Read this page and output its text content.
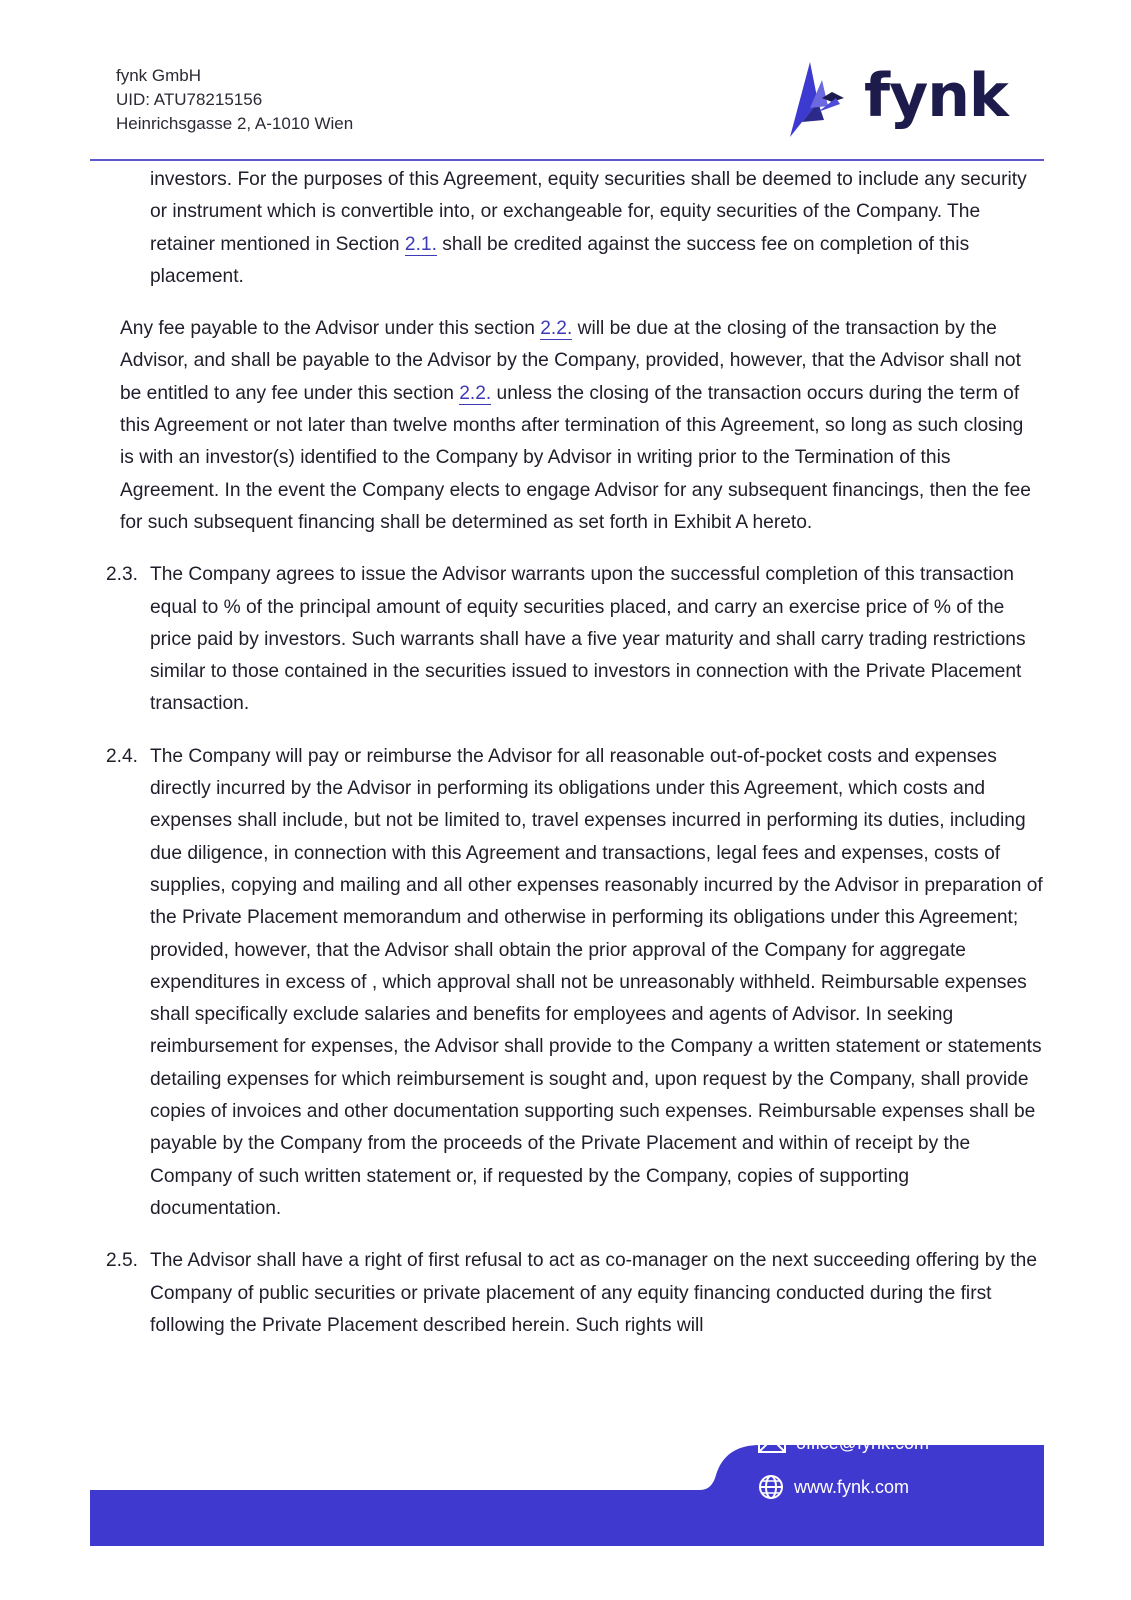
fynk GmbH
UID: ATU78215156
Heinrichsgasse 2, A-1010 Wien	fynk

investors. For the purposes of this Agreement, equity securities shall be deemed to include any security or instrument which is convertible into, or exchangeable for, equity securities of the Company. The retainer mentioned in Section 2.1. shall be credited against the success fee on completion of this placement.

Any fee payable to the Advisor under this section 2.2. will be due at the closing of the transaction by the Advisor, and shall be payable to the Advisor by the Company, provided, however, that the Advisor shall not be entitled to any fee under this section 2.2. unless the closing of the transaction occurs during the term of this Agreement or not later than twelve months after termination of this Agreement, so long as such closing is with an investor(s) identified to the Company by Advisor in writing prior to the Termination of this Agreement. In the event the Company elects to engage Advisor for any subsequent financings, then the fee for such subsequent financing shall be determined as set forth in Exhibit A hereto.

2.3. The Company agrees to issue the Advisor warrants upon the successful completion of this transaction equal to % of the principal amount of equity securities placed, and carry an exercise price of % of the price paid by investors. Such warrants shall have a five year maturity and shall carry trading restrictions similar to those contained in the securities issued to investors in connection with the Private Placement transaction.

2.4. The Company will pay or reimburse the Advisor for all reasonable out-of-pocket costs and expenses directly incurred by the Advisor in performing its obligations under this Agreement, which costs and expenses shall include, but not be limited to, travel expenses incurred in performing its duties, including due diligence, in connection with this Agreement and transactions, legal fees and expenses, costs of supplies, copying and mailing and all other expenses reasonably incurred by the Advisor in preparation of the Private Placement memorandum and otherwise in performing its obligations under this Agreement; provided, however, that the Advisor shall obtain the prior approval of the Company for aggregate expenditures in excess of , which approval shall not be unreasonably withheld. Reimbursable expenses shall specifically exclude salaries and benefits for employees and agents of Advisor. In seeking reimbursement for expenses, the Advisor shall provide to the Company a written statement or statements detailing expenses for which reimbursement is sought and, upon request by the Company, shall provide copies of invoices and other documentation supporting such expenses. Reimbursable expenses shall be payable by the Company from the proceeds of the Private Placement and within of receipt by the Company of such written statement or, if requested by the Company, copies of supporting documentation.

2.5. The Advisor shall have a right of first refusal to act as co-manager on the next succeeding offering by the Company of public securities or private placement of any equity financing conducted during the first following the Private Placement described herein. Such rights will

office@fynk.com
www.fynk.com
